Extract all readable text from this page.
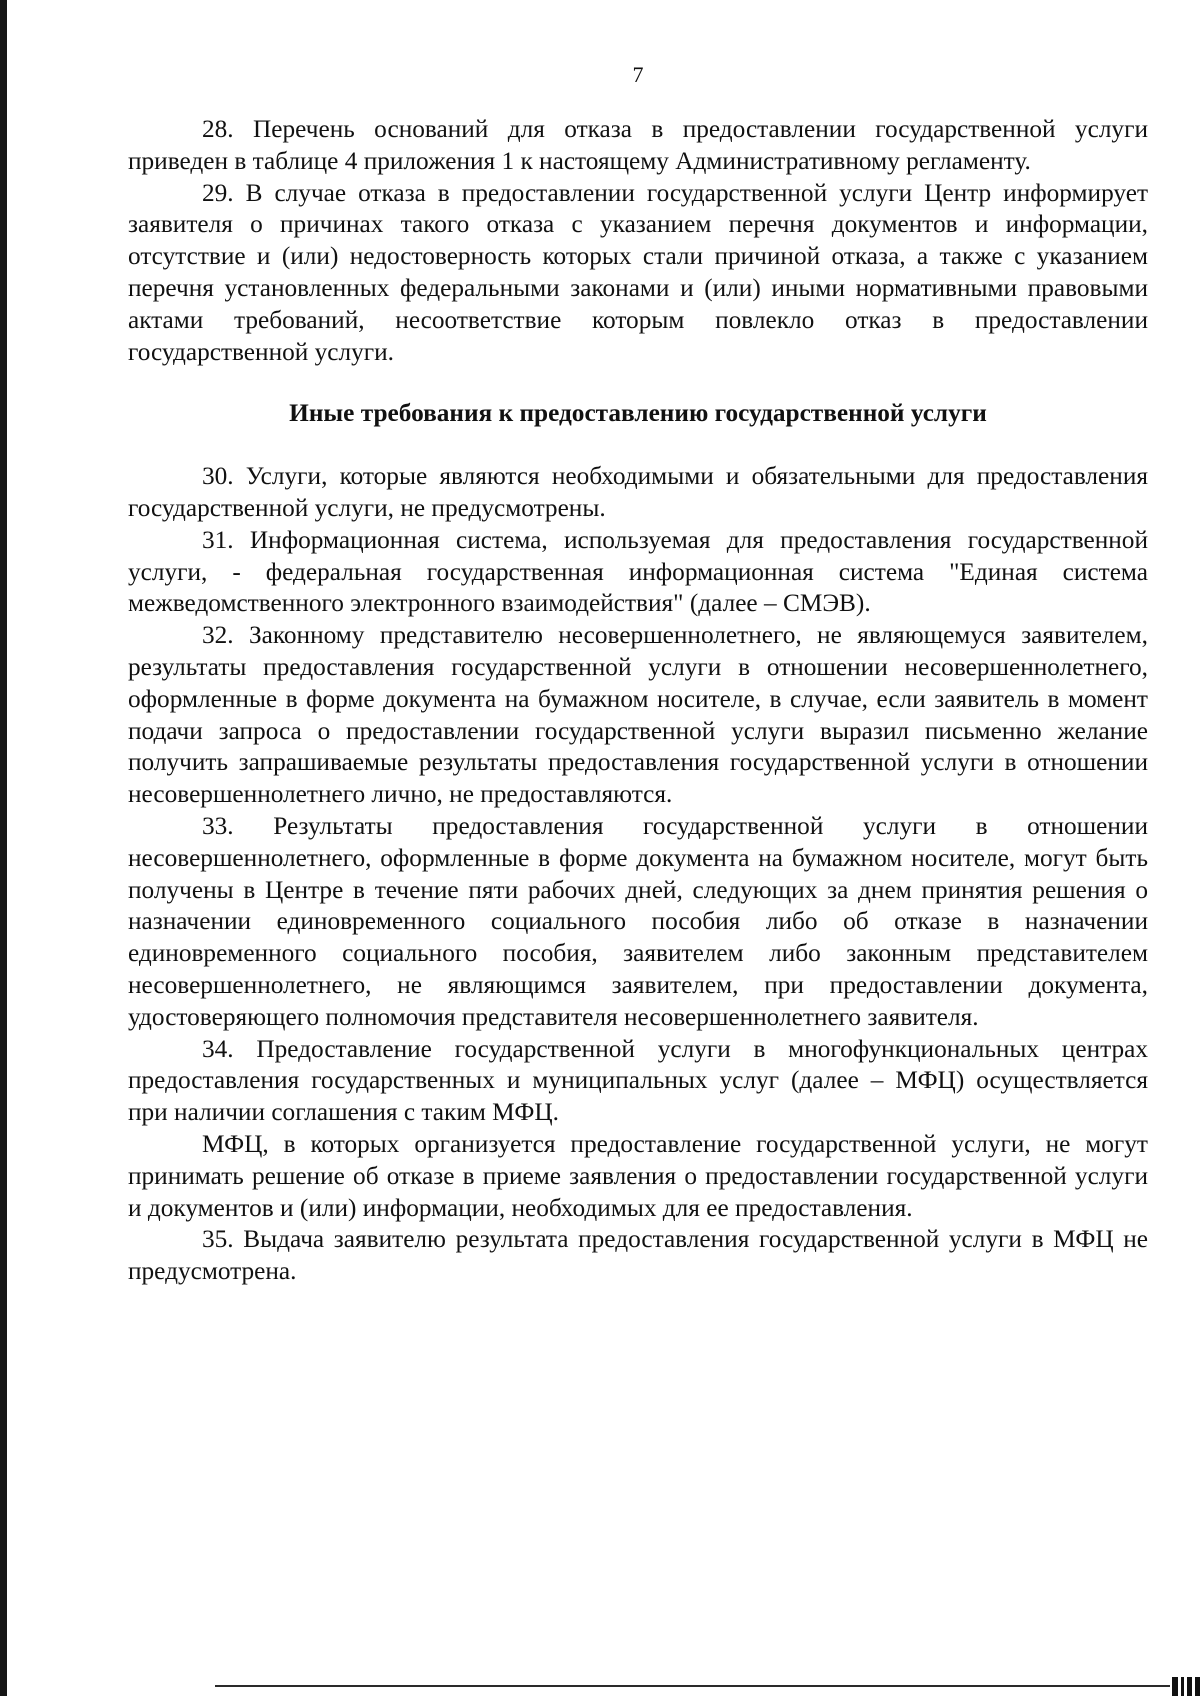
7

28. Перечень оснований для отказа в предоставлении государственной услуги приведен в таблице 4 приложения 1 к настоящему Административному регламенту.

29. В случае отказа в предоставлении государственной услуги Центр информирует заявителя о причинах такого отказа с указанием перечня документов и информации, отсутствие и (или) недостоверность которых стали причиной отказа, а также с указанием перечня установленных федеральными законами и (или) иными нормативными правовыми актами требований, несоответствие которым повлекло отказ в предоставлении государственной услуги.

Иные требования к предоставлению государственной услуги

30. Услуги, которые являются необходимыми и обязательными для предоставления государственной услуги, не предусмотрены.

31. Информационная система, используемая для предоставления государственной услуги, - федеральная государственная информационная система "Единая система межведомственного электронного взаимодействия" (далее – СМЭВ).

32. Законному представителю несовершеннолетнего, не являющемуся заявителем, результаты предоставления государственной услуги в отношении несовершеннолетнего, оформленные в форме документа на бумажном носителе, в случае, если заявитель в момент подачи запроса о предоставлении государственной услуги выразил письменно желание получить запрашиваемые результаты предоставления государственной услуги в отношении несовершеннолетнего лично, не предоставляются.

33. Результаты предоставления государственной услуги в отношении несовершеннолетнего, оформленные в форме документа на бумажном носителе, могут быть получены в Центре в течение пяти рабочих дней, следующих за днем принятия решения о назначении единовременного социального пособия либо об отказе в назначении единовременного социального пособия, заявителем либо законным представителем несовершеннолетнего, не являющимся заявителем, при предоставлении документа, удостоверяющего полномочия представителя несовершеннолетнего заявителя.

34. Предоставление государственной услуги в многофункциональных центрах предоставления государственных и муниципальных услуг (далее – МФЦ) осуществляется при наличии соглашения с таким МФЦ.

МФЦ, в которых организуется предоставление государственной услуги, не могут принимать решение об отказе в приеме заявления о предоставлении государственной услуги и документов и (или) информации, необходимых для ее предоставления.

35. Выдача заявителю результата предоставления государственной услуги в МФЦ не предусмотрена.
